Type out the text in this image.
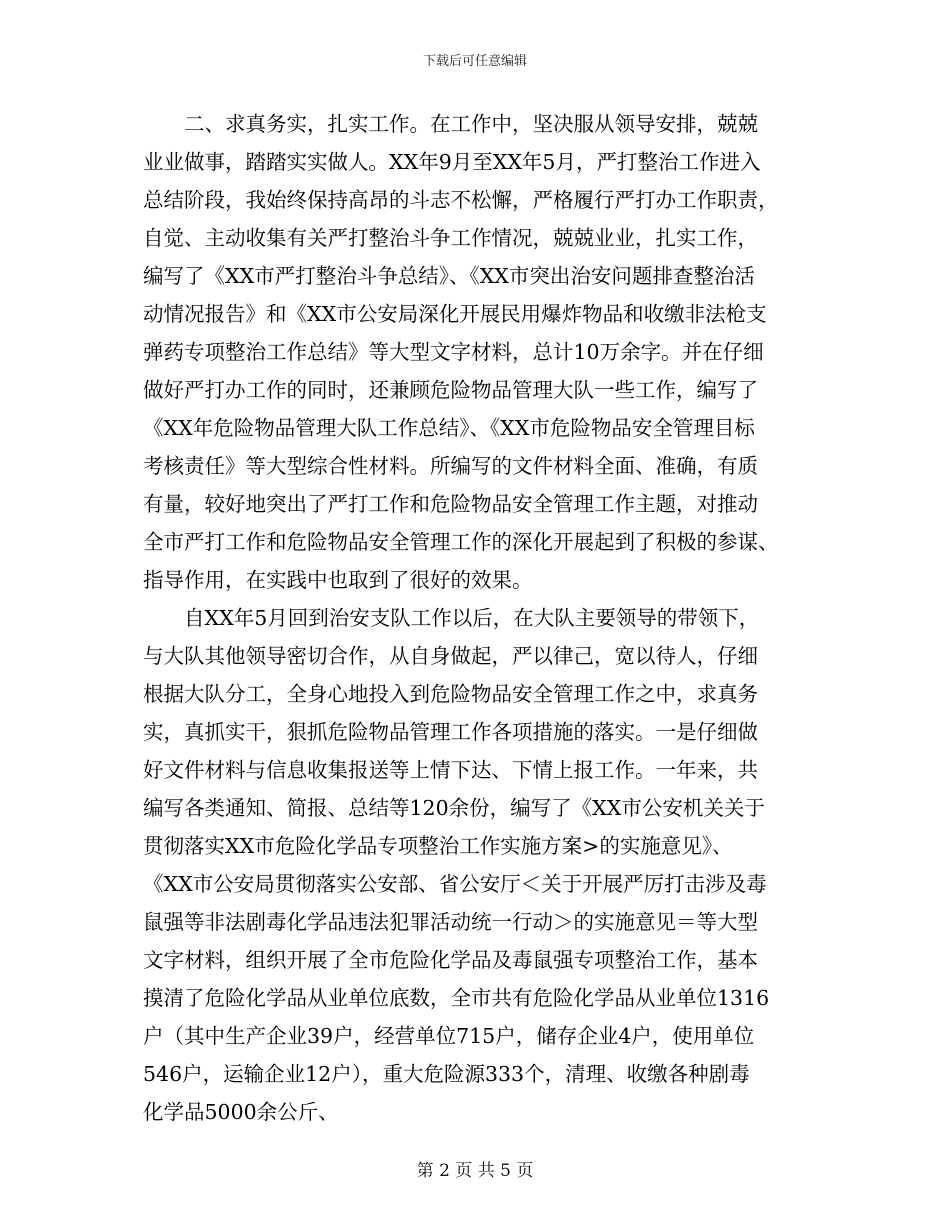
下载后可任意编辑
二、求真务实，扎实工作。在工作中，坚决服从领导安排，兢兢
业业做事，踏踏实实做人。XX年9月至XX年5月，严打整治工作进入
总结阶段，我始终保持高昂的斗志不松懈，严格履行严打办工作职责，
自觉、主动收集有关严打整治斗争工作情况，兢兢业业，扎实工作，
编写了《XX市严打整治斗争总结》、《XX市突出治安问题排查整治活
动情况报告》和《XX市公安局深化开展民用爆炸物品和收缴非法枪支
弹药专项整治工作总结》等大型文字材料，总计10万余字。并在仔细
做好严打办工作的同时，还兼顾危险物品管理大队一些工作，编写了
《XX年危险物品管理大队工作总结》、《XX市危险物品安全管理目标
考核责任》等大型综合性材料。所编写的文件材料全面、准确，有质
有量，较好地突出了严打工作和危险物品安全管理工作主题，对推动
全市严打工作和危险物品安全管理工作的深化开展起到了积极的参谋、
指导作用，在实践中也取到了很好的效果。
自XX年5月回到治安支队工作以后，在大队主要领导的带领下，
与大队其他领导密切合作，从自身做起，严以律己，宽以待人，仔细
根据大队分工，全身心地投入到危险物品安全管理工作之中，求真务
实，真抓实干，狠抓危险物品管理工作各项措施的落实。一是仔细做
好文件材料与信息收集报送等上情下达、下情上报工作。一年来，共
编写各类通知、简报、总结等120余份，编写了《XX市公安机关关于
贯彻落实XX市危险化学品专项整治工作实施方案>的实施意见》、
《XX市公安局贯彻落实公安部、省公安厅＜关于开展严厉打击涉及毒
鼠强等非法剧毒化学品违法犯罪活动统一行动＞的实施意见＝等大型
文字材料，组织开展了全市危险化学品及毒鼠强专项整治工作，基本
摸清了危险化学品从业单位底数，全市共有危险化学品从业单位1316
户（其中生产企业39户，经营单位715户，储存企业4户，使用单位
546户，运输企业12户），重大危险源333个，清理、收缴各种剧毒
化学品5000余公斤、
第 2 页 共 5 页
